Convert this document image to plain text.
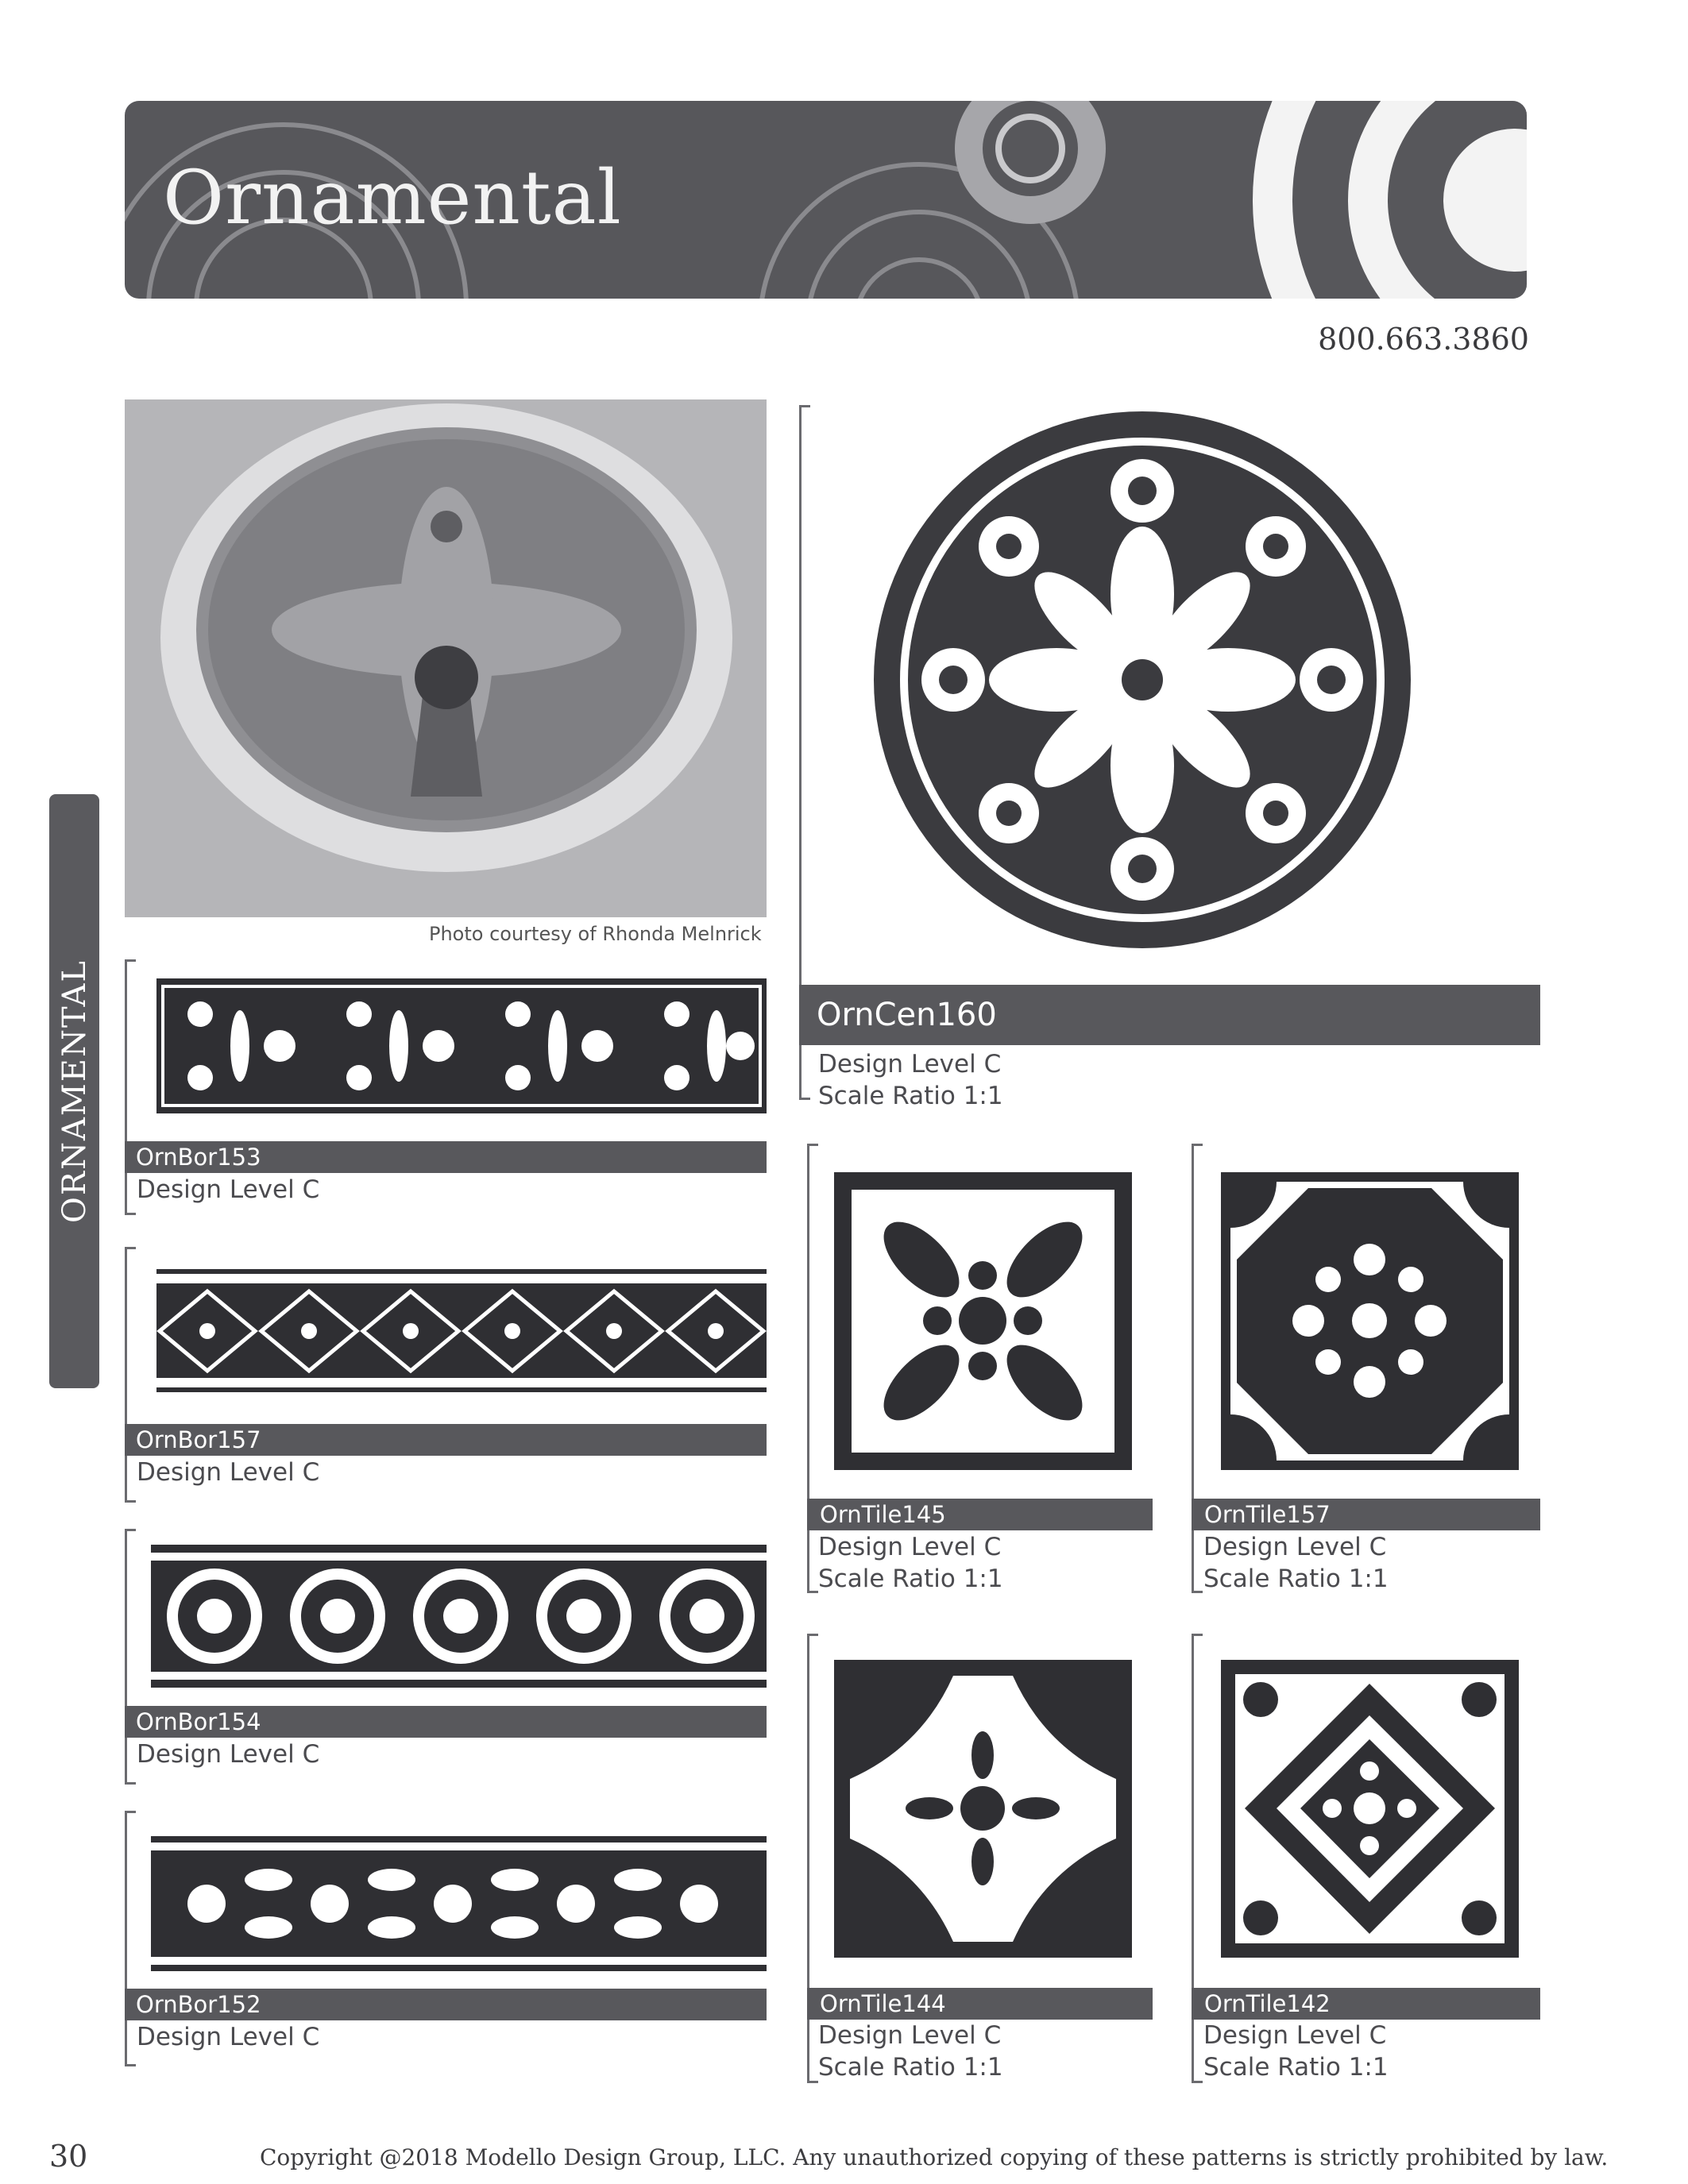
Ornamental
800.663.3860
ORNAMENTAL
Photo courtesy of Rhonda Melnrick
OrnCen160
Design Level C
Scale Ratio 1:1
OrnBor153
Design Level C
OrnBor157
Design Level C
OrnBor154
Design Level C
OrnBor152
Design Level C
OrnTile145
Design Level C
Scale Ratio 1:1
OrnTile157
Design Level C
Scale Ratio 1:1
OrnTile144
Design Level C
Scale Ratio 1:1
OrnTile142
Design Level C
Scale Ratio 1:1
30	Copyright @2018 Modello Design Group, LLC. Any unauthorized copying of these patterns is strictly prohibited by law.
